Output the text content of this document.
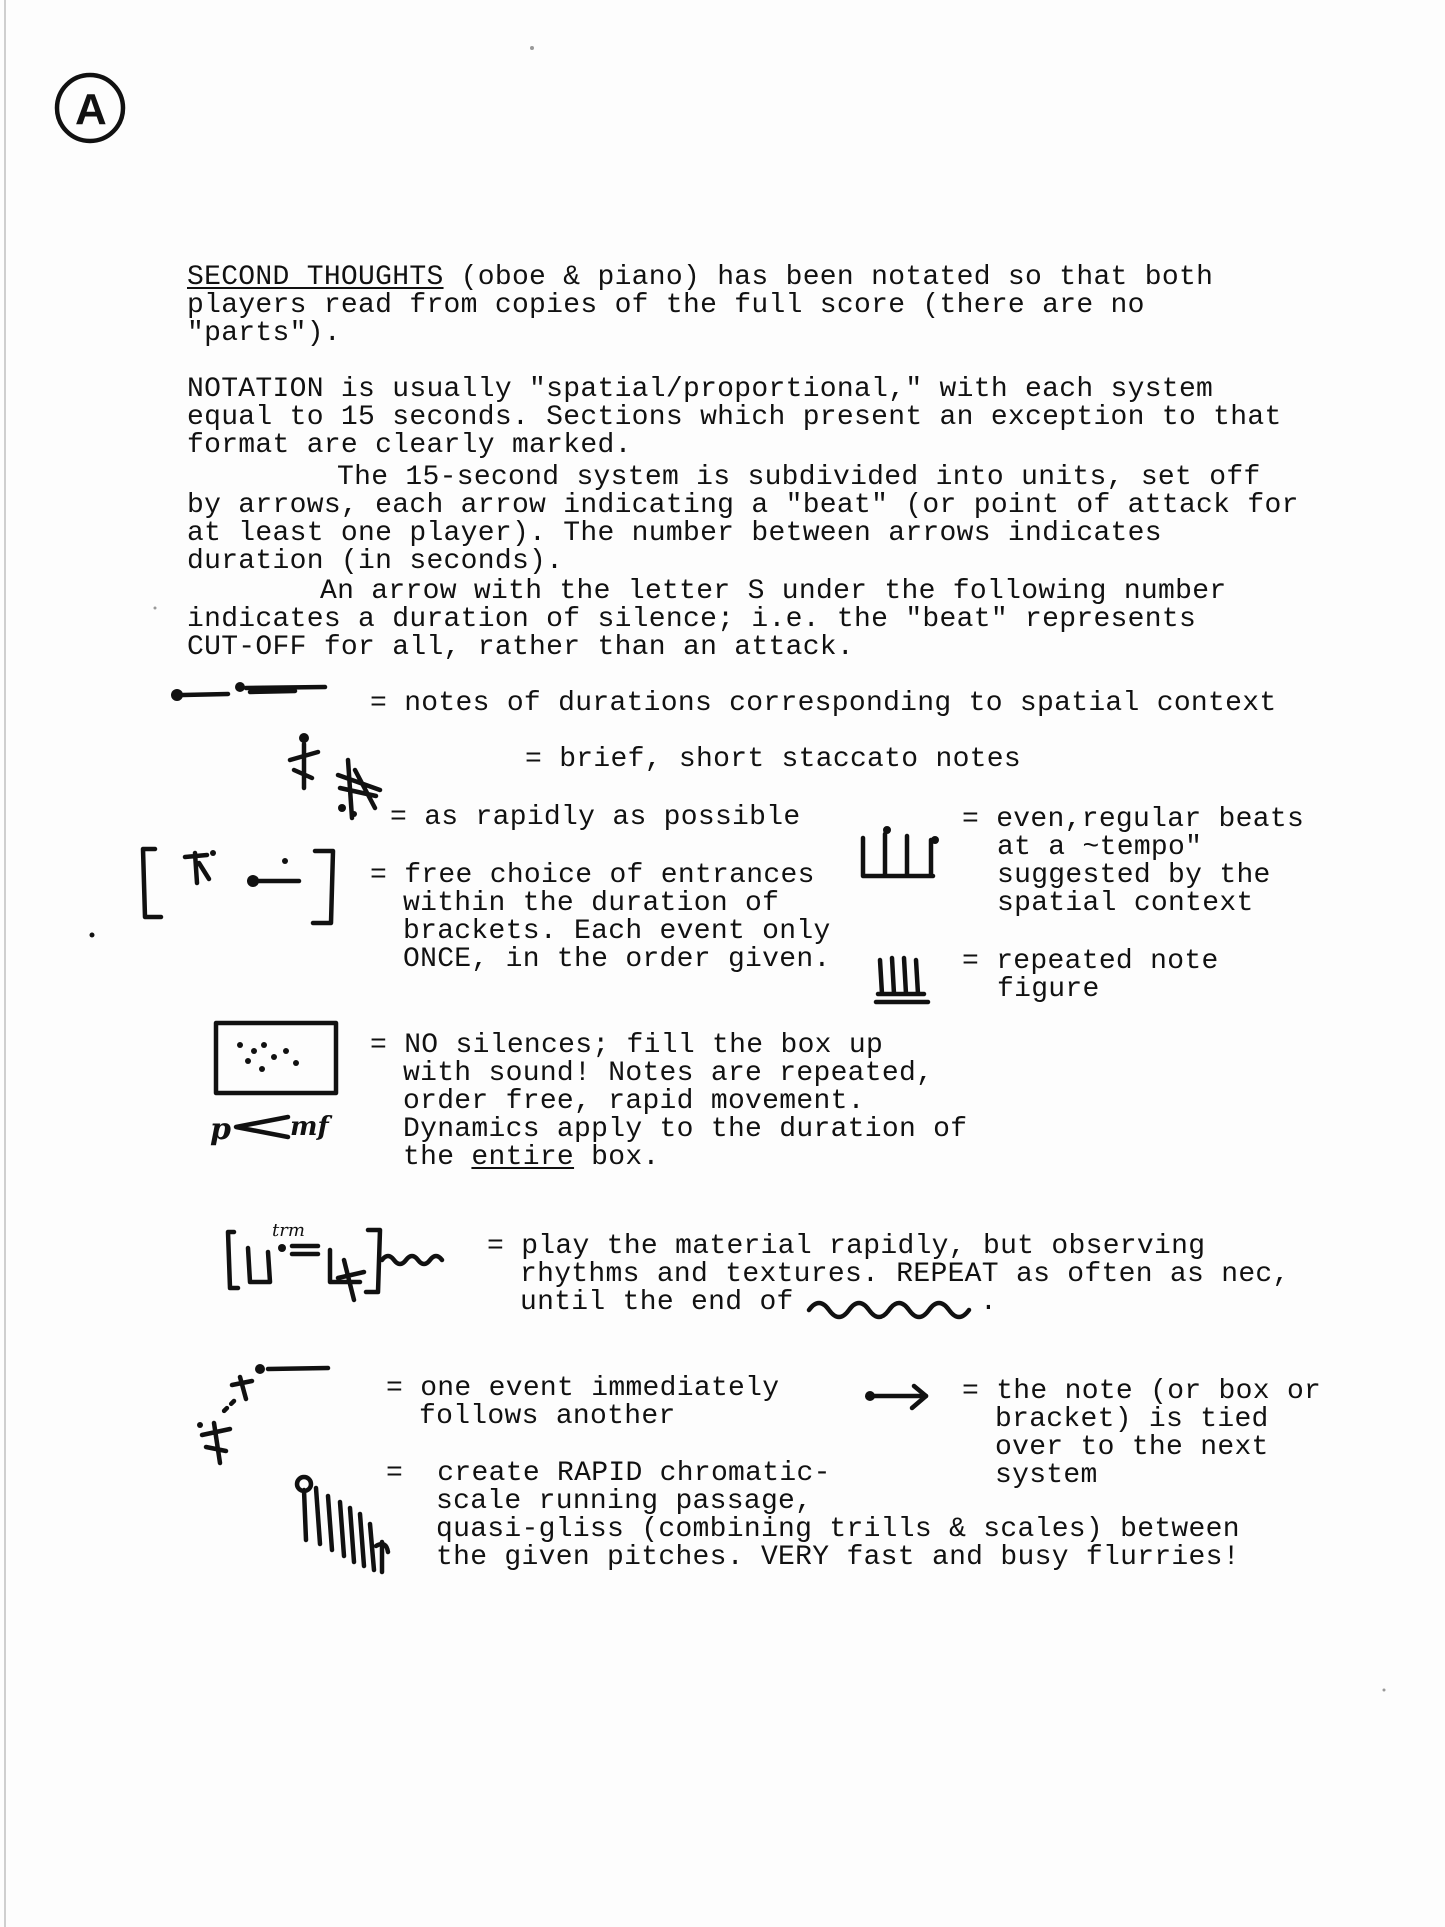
A

SECOND THOUGHTS (oboe & piano) has been notated so that both

players read from copies of the full score (there are no

"parts").

NOTATION is usually "spatial/proportional," with each system

equal to 15 seconds. Sections which present an exception to that

format are clearly marked.

The 15-second system is subdivided into units, set off

by arrows, each arrow indicating a "beat" (or point of attack for

at least one player). The number between arrows indicates

duration (in seconds).

An arrow with the letter S under the following number

indicates a duration of silence; i.e. the "beat" represents

CUT-OFF for all, rather than an attack.

= notes of durations corresponding to spatial context

= brief, short staccato notes

= as rapidly as possible

= free choice of entrances

within the duration of

brackets. Each event only

ONCE, in the order given.

= even,regular beats

at a ~tempo"

suggested by the

spatial context

= repeated note

figure

p mf

= NO silences; fill the box up

with sound! Notes are repeated,

order free, rapid movement.

Dynamics apply to the duration of

the entire box.

trm

= play the material rapidly, but observing

rhythms and textures. REPEAT as often as nec,

until the end of	.

= one event immediately

follows another

= the note (or box or

bracket) is tied

over to the next

system

=  create RAPID chromatic-

scale running passage,

quasi-gliss (combining trills & scales) between

the given pitches. VERY fast and busy flurries!
